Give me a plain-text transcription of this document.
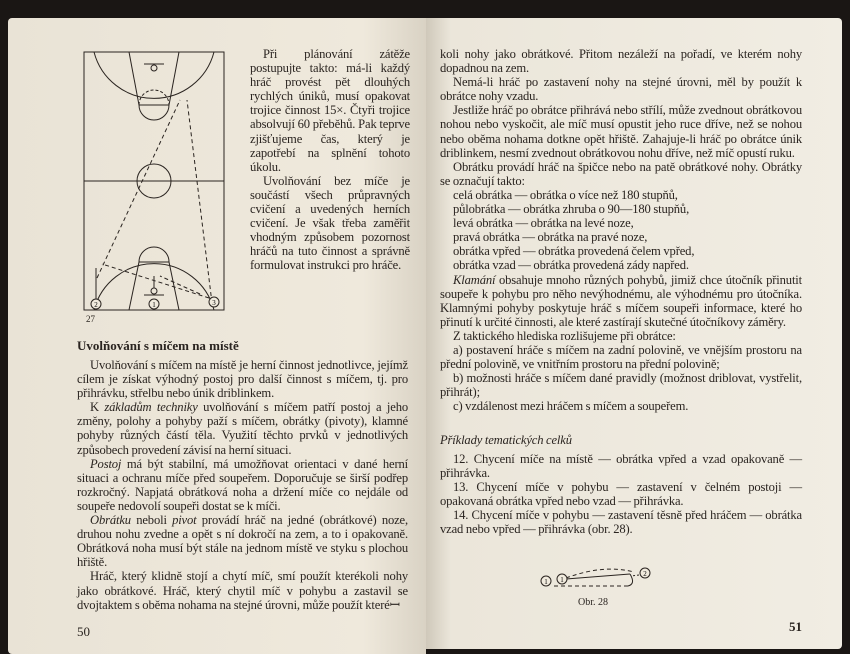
2	1	3
27

Při plánování zátěže postupujte takto: má-li každý hráč provést pět dlouhých rychlých úniků, musí opakovat trojice činnost 15×. Čtyři trojice absolvují 60 přeběhů. Pak teprve zjišťujeme čas, který je zapotřebí na splnění tohoto úkolu.

Uvolňování bez míče je součástí všech průpravných cvičení a uvedených herních cvičení. Je však třeba zaměřit vhodným způsobem pozornost hráčů na tuto činnost a správně formulovat instrukci pro hráče.

Uvolňování s míčem na místě

Uvolňování s míčem na místě je herní činnost jednotlivce, jejímž cílem je získat výhodný postoj pro další činnost s míčem, tj. pro přihrávku, střelbu nebo únik driblinkem.

K základům techniky uvolňování s míčem patří postoj a jeho změny, polohy a pohyby paží s míčem, obrátky (pivoty), klamné pohyby různých částí těla. Využití těchto prvků v jednotlivých způsobech provedení závisí na herní situaci.

Postoj má být stabilní, má umožňovat orientaci v dané herní situaci a ochranu míče před soupeřem. Doporučuje se širší podřep rozkročný. Napjatá obrátková noha a držení míče co nejdále od soupeře nedovolí soupeři dostat se k míči.

Obrátku neboli pivot provádí hráč na jedné (obrátkové) noze, druhou nohu zvedne a opět s ní dokročí na zem, a to i opakovaně. Obrátková noha musí být stále na jednom místě ve styku s plochou hřiště.

Hráč, který klidně stojí a chytí míč, smí použít kterékoli nohy jako obrátkové. Hráč, který chytil míč v pohybu a zastavil se dvojtaktem s oběma nohama na stejné úrovni, může použít kteréꟷ

50

koli nohy jako obrátkové. Přitom nezáleží na pořadí, ve kterém nohy dopadnou na zem.

Nemá-li hráč po zastavení nohy na stejné úrovni, měl by použít k obrátce nohy vzadu.

Jestliže hráč po obrátce přihrává nebo střílí, může zvednout obrátkovou nohou nebo vyskočit, ale míč musí opustit jeho ruce dříve, než se nohou nebo oběma nohama dotkne opět hřiště. Zahajuje-li hráč po obrátce únik driblinkem, nesmí zvednout obrátkovou nohu dříve, než míč opustí ruku.

Obrátku provádí hráč na špičce nebo na patě obrátkové nohy. Obrátky se označují takto:

celá obrátka — obrátka o více než 180 stupňů,

půlobrátka — obrátka zhruba o 90—180 stupňů,

levá obrátka — obrátka na levé noze,

pravá obrátka — obrátka na pravé noze,

obrátka vpřed — obrátka provedená čelem vpřed,

obrátka vzad — obrátka provedená zády napřed.

Klamání obsahuje mnoho různých pohybů, jimiž chce útočník přinutit soupeře k pohybu pro něho nevýhodnému, ale výhodnému pro útočníka. Klamnými pohyby poskytuje hráč s míčem soupeři informace, které ho přinutí k určité činnosti, ale které zastírají skutečné útočníkovy záměry.

Z taktického hlediska rozlišujeme při obrátce:

a) postavení hráče s míčem na zadní polovině, ve vnějším prostoru na přední polovině, ve vnitřním prostoru na přední polovině;

b) možnosti hráče s míčem dané pravidly (možnost driblovat, vystřelit, přihrát);

c) vzdálenost mezi hráčem s míčem a soupeřem.

Příklady tematických celků

12. Chycení míče na místě — obrátka vpřed a vzad opakovaně — přihrávka.

13. Chycení míče v pohybu — zastavení v čelném postoji — opakovaná obrátka vpřed nebo vzad — přihrávka.

14. Chycení míče v pohybu — zastavení těsně před hráčem — obrátka vzad nebo vpřed — přihrávka (obr. 28).

1 1
2
Obr. 28
51
